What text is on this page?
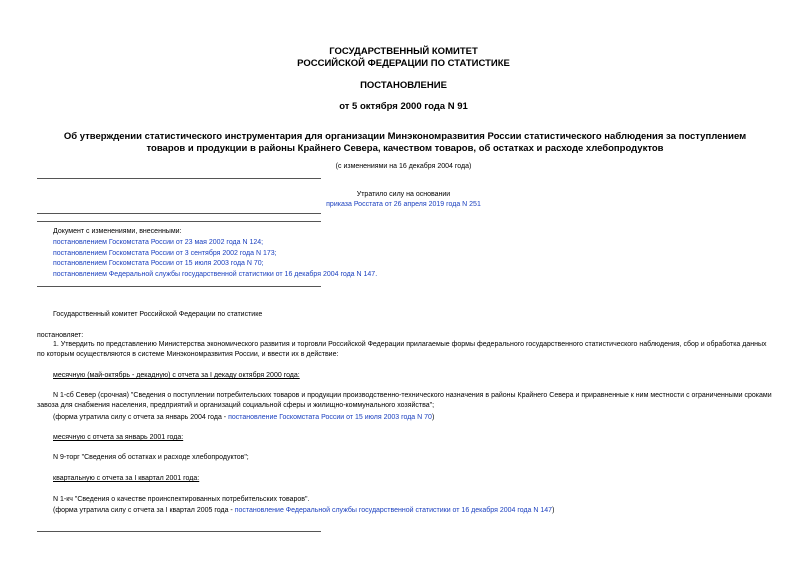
ГОСУДАРСТВЕННЫЙ КОМИТЕТ
РОССИЙСКОЙ ФЕДЕРАЦИИ ПО СТАТИСТИКЕ
ПОСТАНОВЛЕНИЕ
от 5 октября 2000 года N 91
Об утверждении статистического инструментария для организации Минэкономразвития России статистического наблюдения за поступлением товаров и продукции в районы Крайнего Севера, качеством товаров, об остатках и расходе хлебопродуктов
(с изменениями на 16 декабря 2004 года)
Утратило силу на основании
приказа Росстата от 26 апреля 2019 года N 251
Документ с изменениями, внесенными:
постановлением Госкомстата России от 23 мая 2002 года N 124;
постановлением Госкомстата России от 3 сентября 2002 года N 173;
постановлением Госкомстата России от 15 июля 2003 года N 70;
постановлением Федеральной службы государственной статистики от 16 декабря 2004 года N 147.
Государственный комитет Российской Федерации по статистике
постановляет:
1. Утвердить по представлению Министерства экономического развития и торговли Российской Федерации прилагаемые формы федерального государственного статистического наблюдения, сбор и обработка данных по которым осуществляются в системе Минэкономразвития России, и ввести их в действие:
месячную (май-октябрь - декадную) с отчета за I декаду октября 2000 года:
N 1-сб Север (срочная) "Сведения о поступлении потребительских товаров и продукции производственно-технического назначения в районы Крайнего Севера и приравненные к ним местности с ограниченными сроками завоза для снабжения населения, предприятий и организаций социальной сферы и жилищно-коммунального хозяйства";
(форма утратила силу с отчета за январь 2004 года - постановление Госкомстата России от 15 июля 2003 года N 70)
месячную с отчета за январь 2001 года:
N 9-торг "Сведения об остатках и расходе хлебопродуктов";
квартальную с отчета за I квартал 2001 года:
N 1-кч "Сведения о качестве проинспектированных потребительских товаров".
(форма утратила силу с отчета за I квартал 2005 года - постановление Федеральной службы государственной статистики от 16 декабря 2004 года N 147)
